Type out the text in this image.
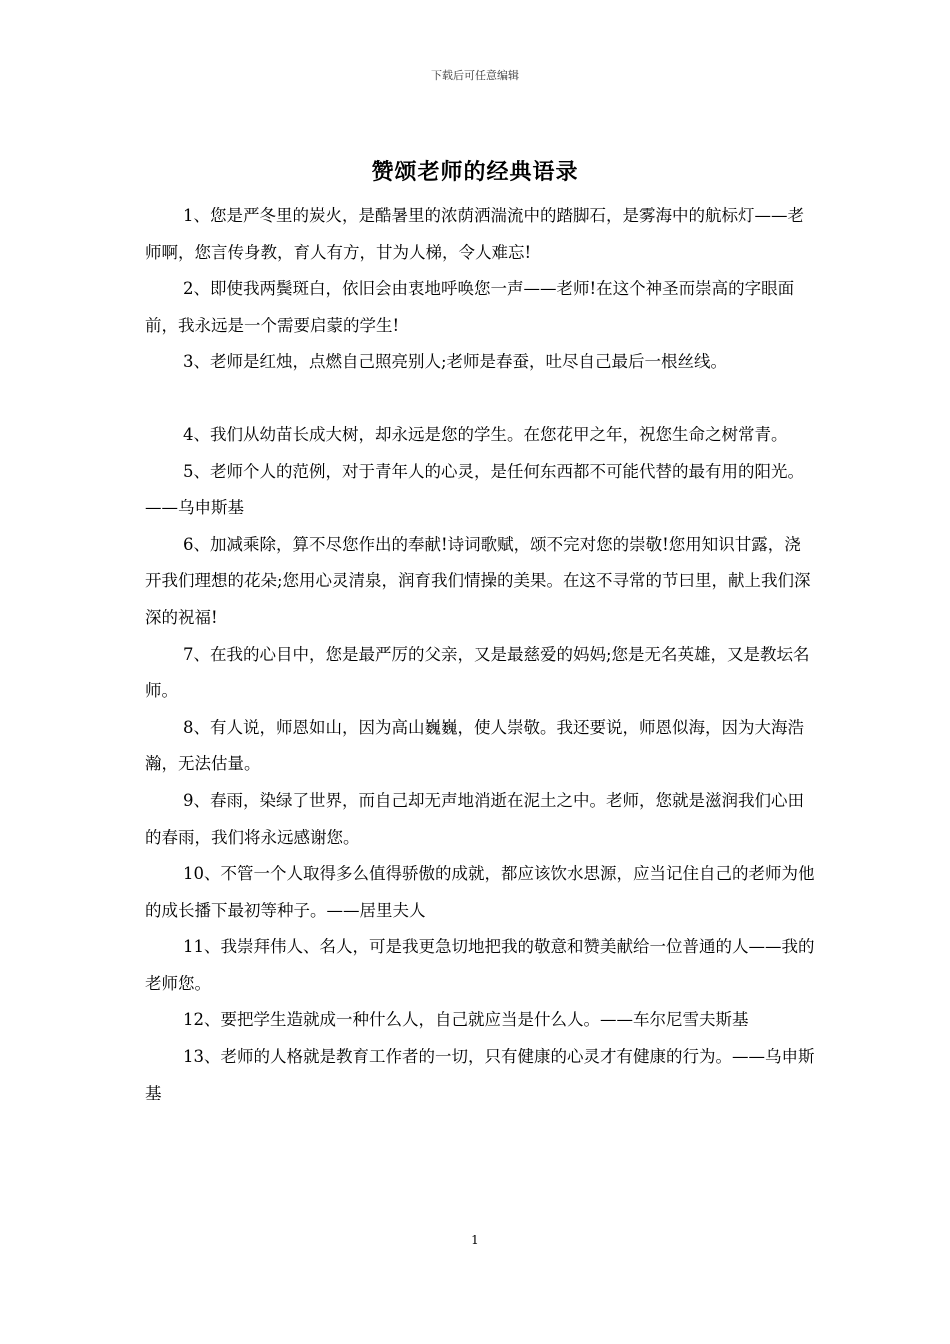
下载后可任意编辑
赞颂老师的经典语录

1、您是严冬里的炭火，是酷暑里的浓荫洒湍流中的踏脚石，是雾海中的航标灯——老师啊，您言传身教，育人有方，甘为人梯，令人难忘!

2、即使我两鬓斑白，依旧会由衷地呼唤您一声——老师!在这个神圣而崇高的字眼面前，我永远是一个需要启蒙的学生!

3、老师是红烛，点燃自己照亮别人;老师是春蚕，吐尽自己最后一根丝线。

4、我们从幼苗长成大树，却永远是您的学生。在您花甲之年，祝您生命之树常青。

5、老师个人的范例，对于青年人的心灵，是任何东西都不可能代替的最有用的阳光。——乌申斯基

6、加减乘除，算不尽您作出的奉献!诗词歌赋，颂不完对您的崇敬!您用知识甘露，浇开我们理想的花朵;您用心灵清泉，润育我们情操的美果。在这不寻常的节曰里，献上我们深深的祝福!

7、在我的心目中，您是最严厉的父亲，又是最慈爱的妈妈;您是无名英雄，又是教坛名师。

8、有人说，师恩如山，因为高山巍巍，使人崇敬。我还要说，师恩似海，因为大海浩瀚，无法估量。

9、春雨，染绿了世界，而自己却无声地消逝在泥土之中。老师，您就是滋润我们心田的春雨，我们将永远感谢您。

10、不管一个人取得多么值得骄傲的成就，都应该饮水思源，应当记住自己的老师为他的成长播下最初等种子。——居里夫人

11、我崇拜伟人、名人，可是我更急切地把我的敬意和赞美献给一位普通的人——我的老师您。

12、要把学生造就成一种什么人，自己就应当是什么人。——车尔尼雪夫斯基

13、老师的人格就是教育工作者的一切，只有健康的心灵才有健康的行为。——乌申斯基

1
